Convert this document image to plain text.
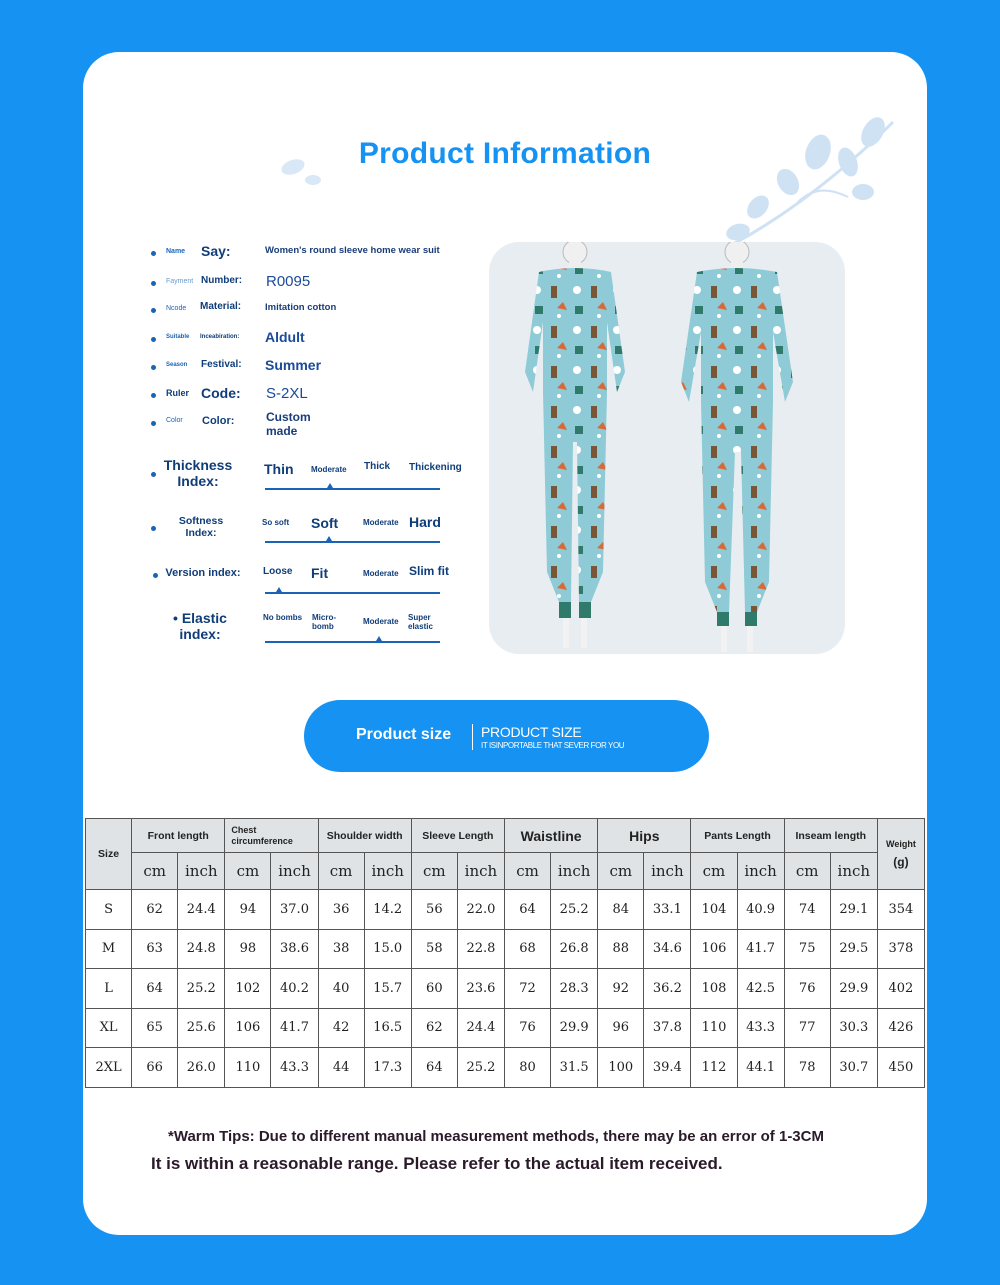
Product Information
Name Say:	Women's round sleeve home wear suit
Fayment Number: R0095
Ncode Material:	Imitation cotton
Suitable Inceabiration: Aldult
Season Festival: Summer
Ruler Code: S-2XL
Color Color:	Custom made
Thickness Index:
Thin Moderate Thick Thickening
Softness Index:
So soft Soft	Moderate Hard
Version index:	Loose Fit	Moderate Slim fit
• Elastic index:
No bombs Micro-bomb
Moderate Super elastic
Product size PRODUCT SIZE
IT ISINPORTABLE THAT SEVER FOR YOU
Size	Front length		Chest circumference		Shoulder width		Sleeve Length		Waistline		Hips		Pants Length		Inseam length		Weight
(g)

	cm	inch	cm	inch	cm	inch	cm	inch	cm	inch	cm	inch	cm	inch	cm	inch	
S	62	24.4	94	37.0	36	14.2	56	22.0	64	25.2	84	33.1	104	40.9	74	29.1	354
M	63	24.8	98	38.6	38	15.0	58	22.8	68	26.8	88	34.6	106	41.7	75	29.5	378
L	64	25.2	102	40.2	40	15.7	60	23.6	72	28.3	92	36.2	108	42.5	76	29.9	402
XL	65	25.6	106	41.7	42	16.5	62	24.4	76	29.9	96	37.8	110	43.3	77	30.3	426
2XL	66	26.0	110	43.3	44	17.3	64	25.2	80	31.5	100	39.4	112	44.1	78	30.7	450
*Warm Tips: Due to different manual measurement methods, there may be an error of 1-3CM
It is within a reasonable range. Please refer to the actual item received.
